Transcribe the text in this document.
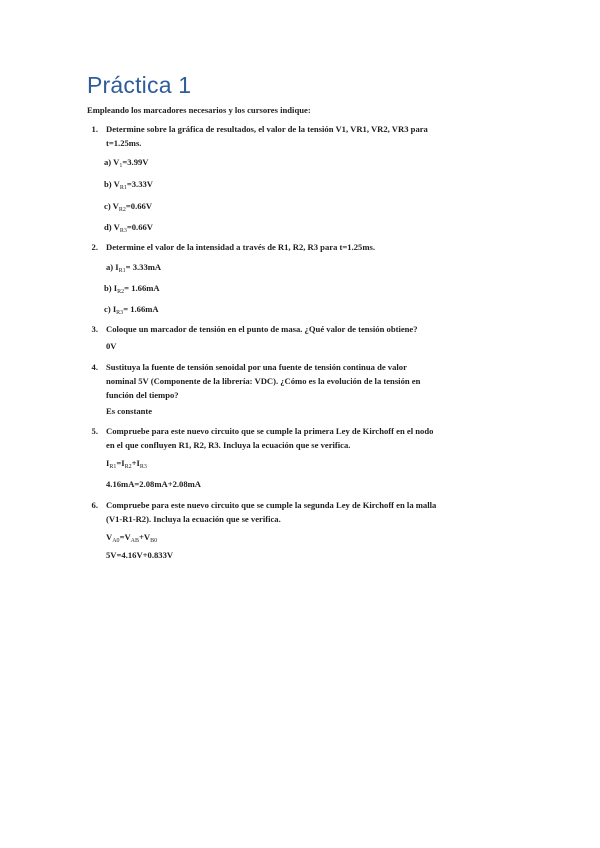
Práctica 1

Empleando los marcadores necesarios y los cursores indique:

1. Determine sobre la gráfica de resultados, el valor de la tensión V1, VR1, VR2, VR3 para

t=1.25ms.

a) $V_1=3.99V$

b) $V_{R1}=3.33V$

c) $V_{R2}=0.66V$

d) $V_{R3}=0.66V$

2. Determine el valor de la intensidad a través de R1, R2, R3 para t=1.25ms.

a) $I_{R1}= 3.33mA$

b) $I_{R2}= 1.66mA$

c) $I_{R3}= 1.66mA$

3. Coloque un marcador de tensión en el punto de masa. ¿Qué valor de tensión obtiene?

0V

4. Sustituya la fuente de tensión senoidal por una fuente de tensión continua de valor

nominal 5V (Componente de la librería: VDC). ¿Cómo es la evolución de la tensión en

función del tiempo?

Es constante

5. Compruebe para este nuevo circuito que se cumple la primera Ley de Kirchoff en el nodo

en el que confluyen R1, R2, R3. Incluya la ecuación que se verifica.

$I_{R1}=I_{R2}+I_{R3}$

4.16mA=2.08mA+2.08mA

6. Compruebe para este nuevo circuito que se cumple la segunda Ley de Kirchoff en la malla

(V1-R1-R2). Incluya la ecuación que se verifica.

$V_{A0}=V_{AB}+V_{B0}$

5V=4.16V+0.833V
